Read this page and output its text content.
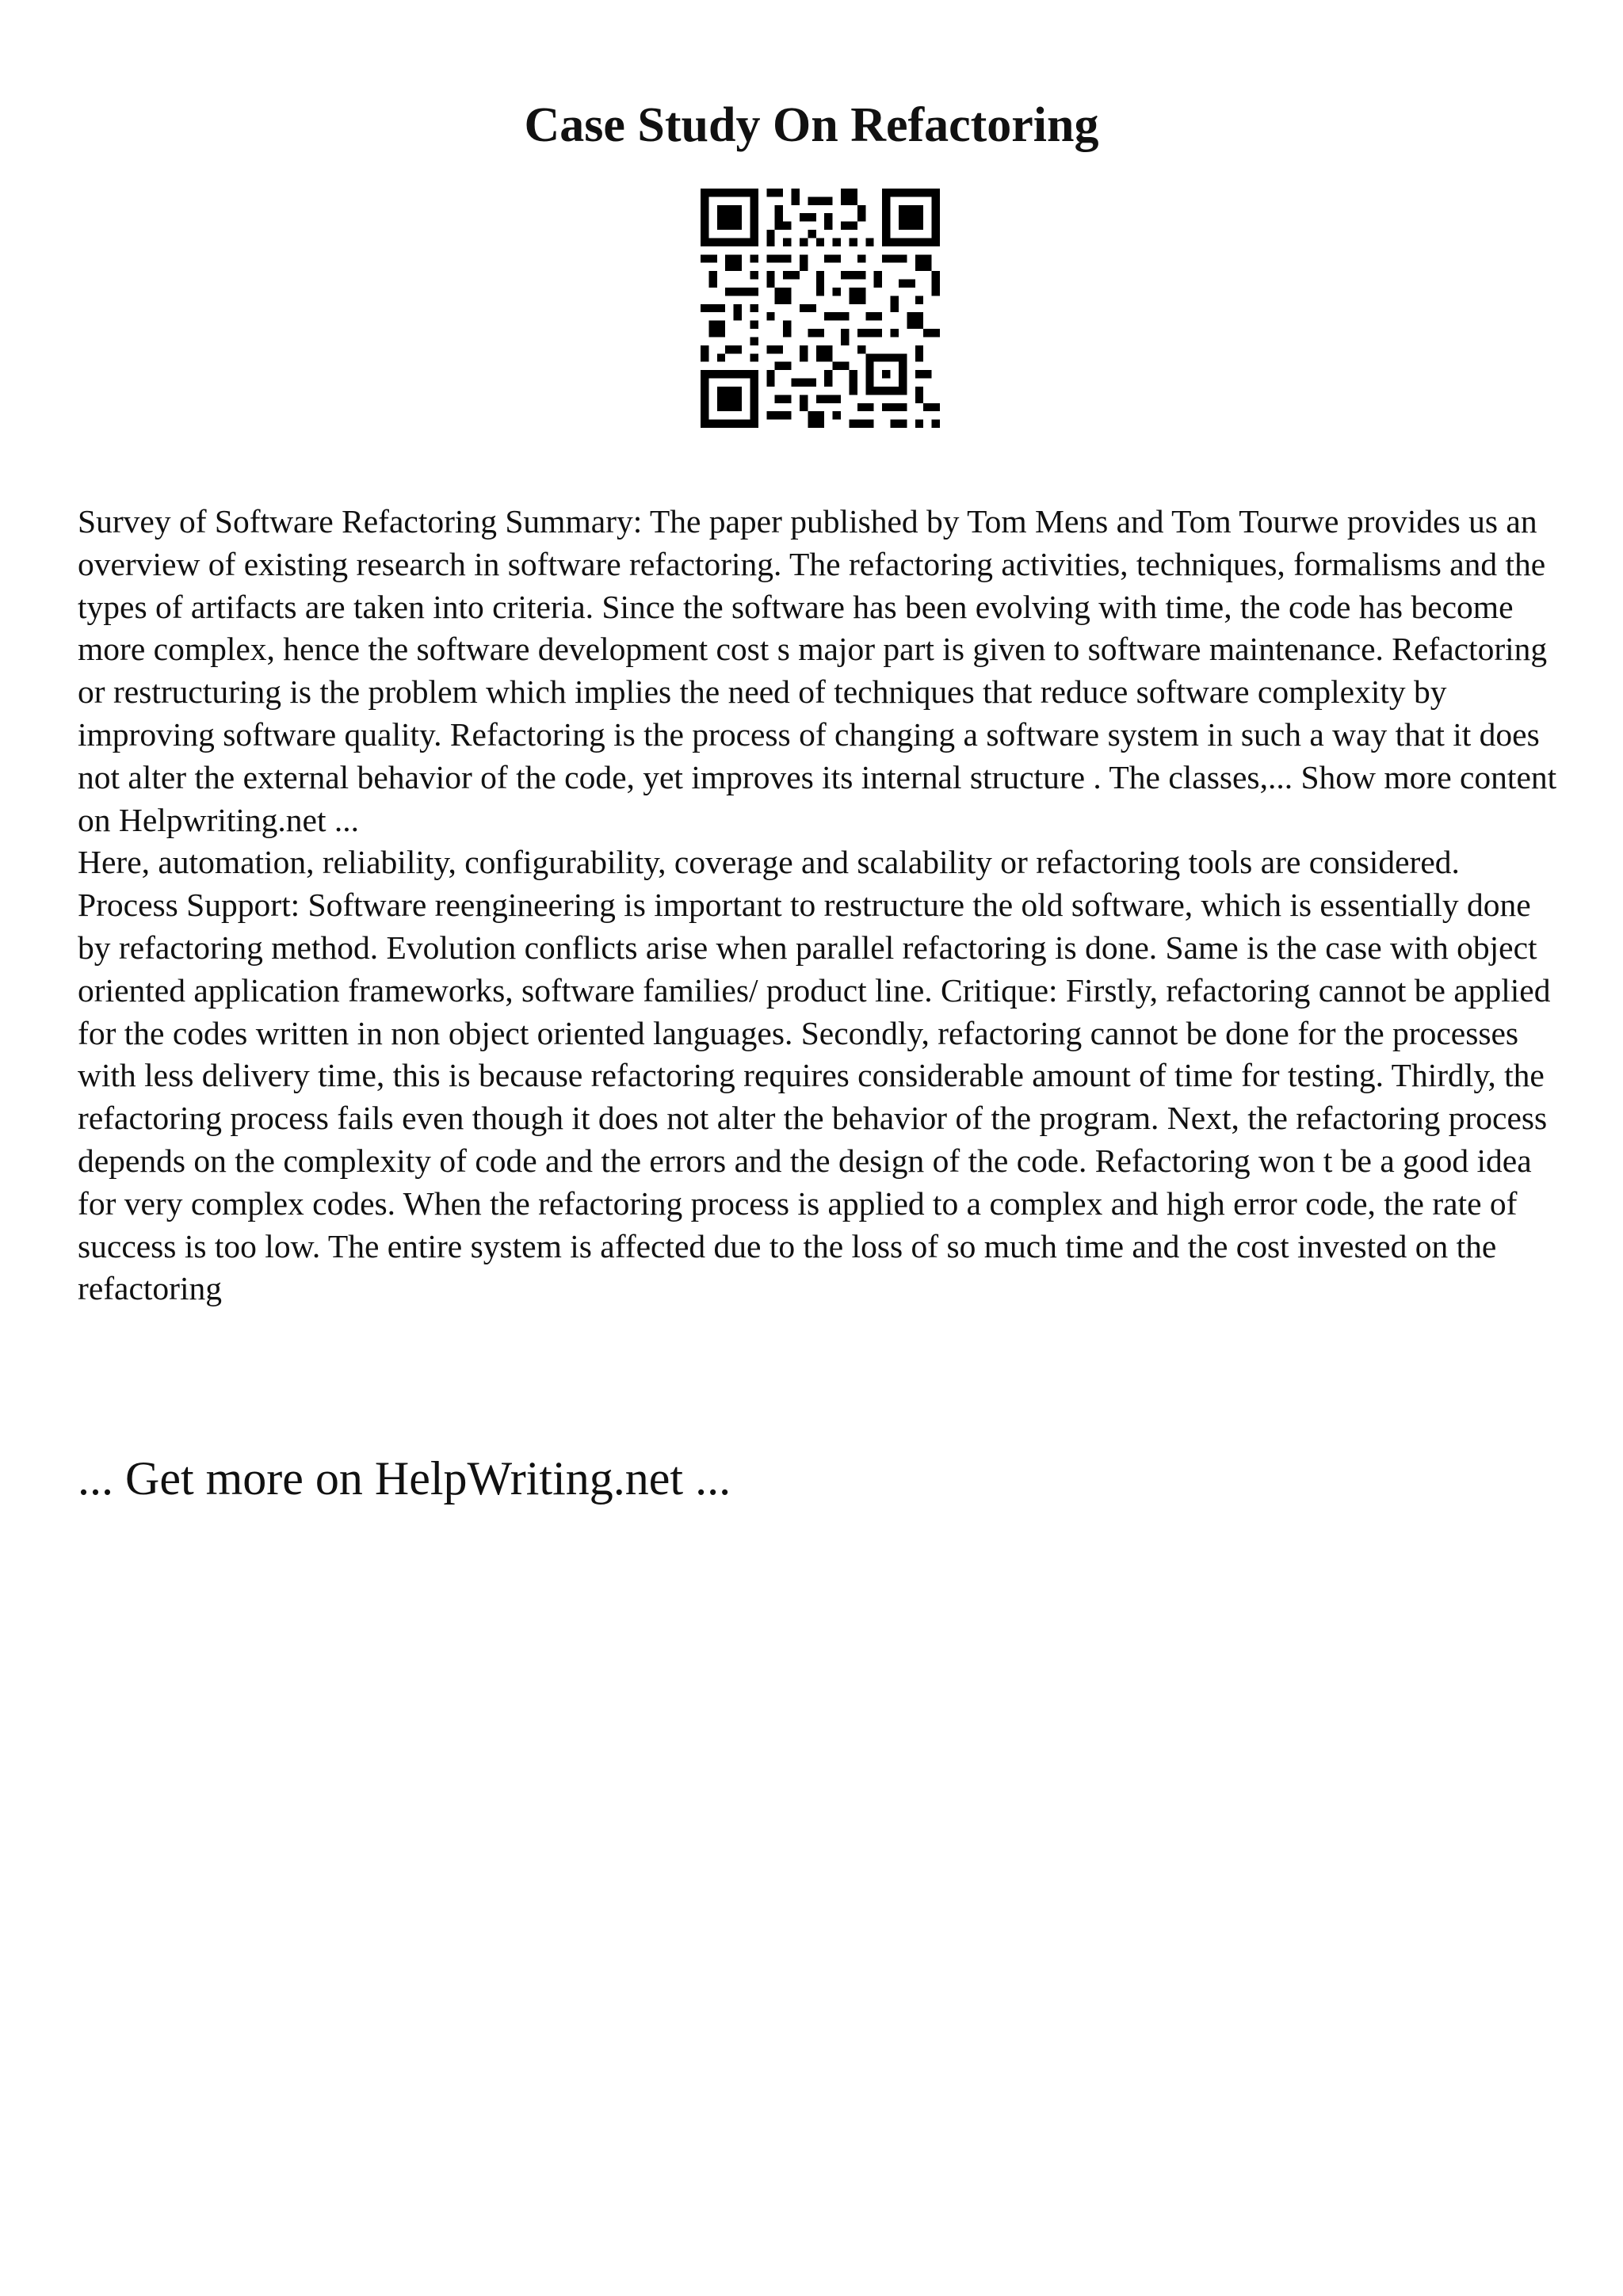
Case Study On Refactoring

Survey of Software Refactoring Summary: The paper published by Tom Mens and Tom Tourwe provides us an overview of existing research in software refactoring. The refactoring activities, techniques, formalisms and the types of artifacts are taken into criteria. Since the software has been evolving with time, the code has become more complex, hence the software development cost s major part is given to software maintenance. Refactoring or restructuring is the problem which implies the need of techniques that reduce software complexity by improving software quality. Refactoring is the process of changing a software system in such a way that it does not alter the external behavior of the code, yet improves its internal structure . The classes,... Show more content on Helpwriting.net ...

Here, automation, reliability, configurability, coverage and scalability or refactoring tools are considered. Process Support: Software reengineering is important to restructure the old software, which is essentially done by refactoring method. Evolution conflicts arise when parallel refactoring is done. Same is the case with object oriented application frameworks, software families/ product line. Critique: Firstly, refactoring cannot be applied for the codes written in non object oriented languages. Secondly, refactoring cannot be done for the processes with less delivery time, this is because refactoring requires considerable amount of time for testing. Thirdly, the refactoring process fails even though it does not alter the behavior of the program. Next, the refactoring process depends on the complexity of code and the errors and the design of the code. Refactoring won t be a good idea for very complex codes. When the refactoring process is applied to a complex and high error code, the rate of success is too low. The entire system is affected due to the loss of so much time and the cost invested on the refactoring

... Get more on HelpWriting.net ...
